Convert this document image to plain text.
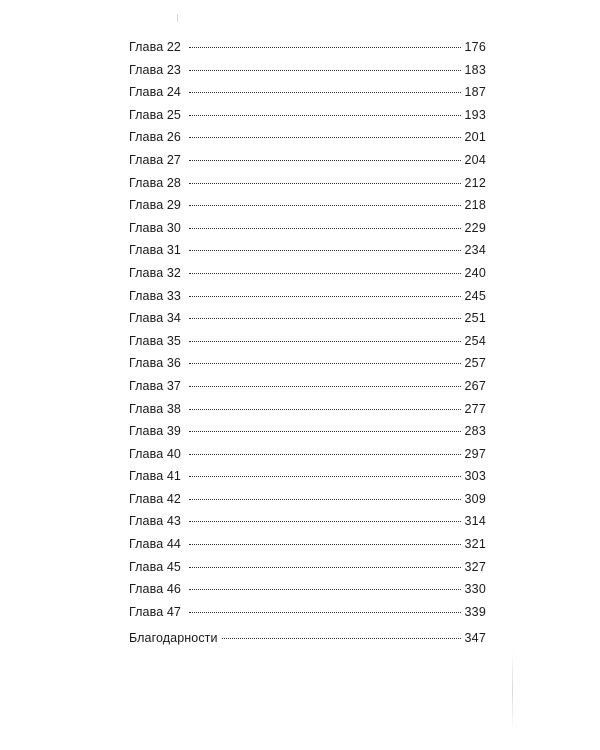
Глава 22	176
Глава 23	183
Глава 24	187
Глава 25	193
Глава 26	201
Глава 27	204
Глава 28	212
Глава 29	218
Глава 30	229
Глава 31	234
Глава 32	240
Глава 33	245
Глава 34	251
Глава 35	254
Глава 36	257
Глава 37	267
Глава 38	277
Глава 39	283
Глава 40	297
Глава 41	303
Глава 42	309
Глава 43	314
Глава 44	321
Глава 45	327
Глава 46	330
Глава 47	339
Благодарности	347
